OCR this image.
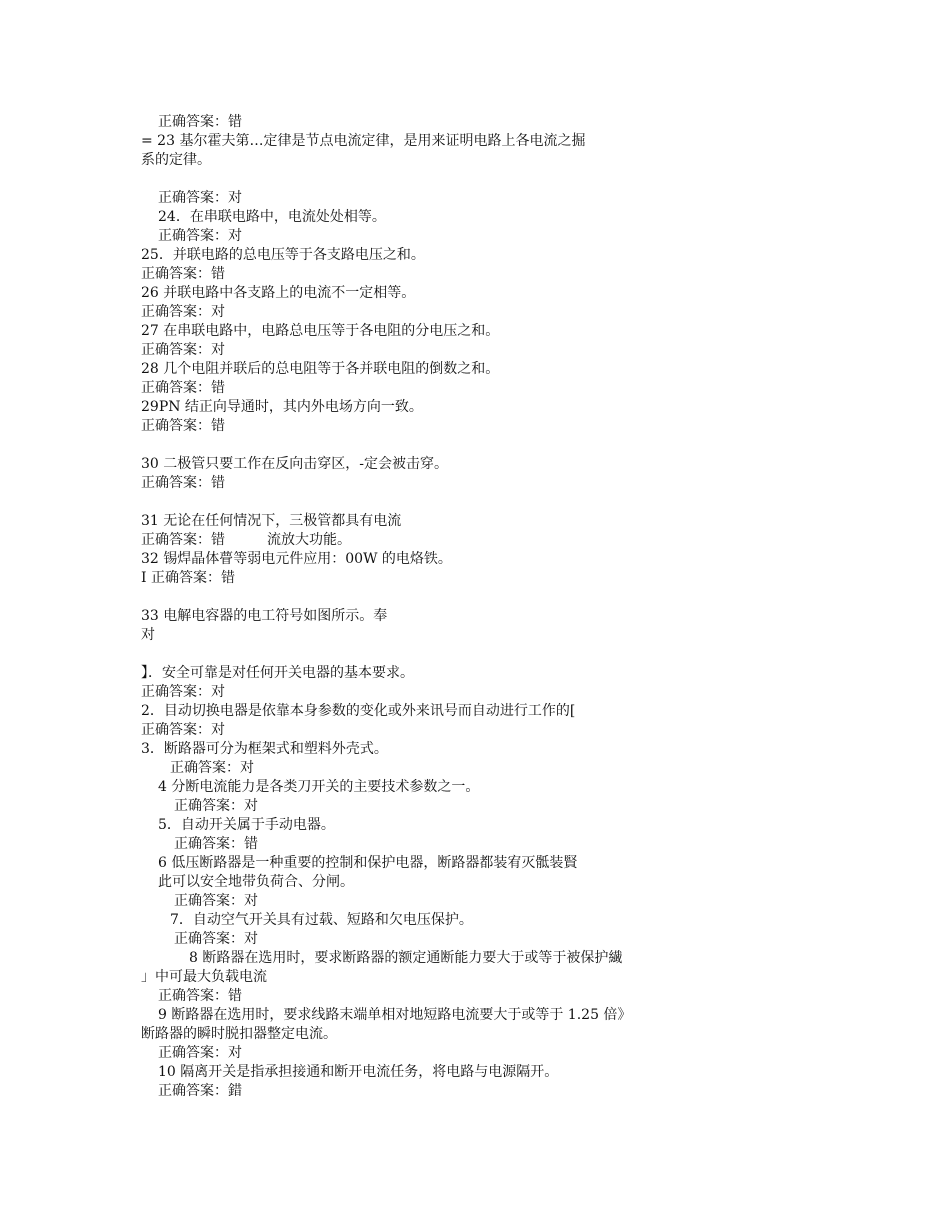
正确答案：错
= 23 基尔霍夫第…定律是节点电流定律，是用来证明电路上各电流之掘
系的定律。
正确答案：对
24．在串联电路中，电流处处相等。
正确答案：对
25．并联电路的总电压等于各支路电压之和。
正确答案：错
26 并联电路中各支路上的电流不一定相等。
正确答案：对
27 在串联电路中，电路总电压等于各电阻的分电压之和。
正确答案：对
28 几个电阻并联后的总电阻等于各并联电阻的倒数之和。
正确答案：错
29PN 结正向导通时，其内外电场方向一致。
正确答案：错
30 二极管只要工作在反向击穿区，-定会被击穿。
正确答案：错
31 无论在任何情况下，三极管都具有电流
正确答案：错　　　流放大功能。
32 锡焊晶体瞢等弱电元件应用：00W 的电烙铁。
I 正确答案：错
33 电解电容器的电工符号如图所示。奉
对
】．安全可靠是对任何开关电器的基本要求。
正确答案：对
2．目动切换电器是依靠本身参数的变化或外来讯号而自动进行工作的[
正确答案：对
3．断路器可分为框架式和塑料外壳式。
正确答案：对
4 分断电流能力是各类刀开关的主要技术参数之一。
正确答案：对
5．自动开关属于手动电器。
正确答案：错
6 低压断路器是一种重要的控制和保护电器，断路器都装宥灭骶装賢
此可以安全地带负荷合、分闸。
正确答案：对
7．自动空气开关具有过载、短路和欠电压保护。
正确答案：对
8 断路器在选用时，要求断路器的额定通断能力要大于或等于被保护繊
」中可最大负载电流
正确答案：错
9 断路器在选用时，要求线路末端单相对地短路电流要大于或等于 1.25 倍》
断路器的瞬时脱扣器整定电流。
正确答案：对
10 隔离开关是指承担接通和断开电流任务，将电路与电源隔开。
正确答案：錯
